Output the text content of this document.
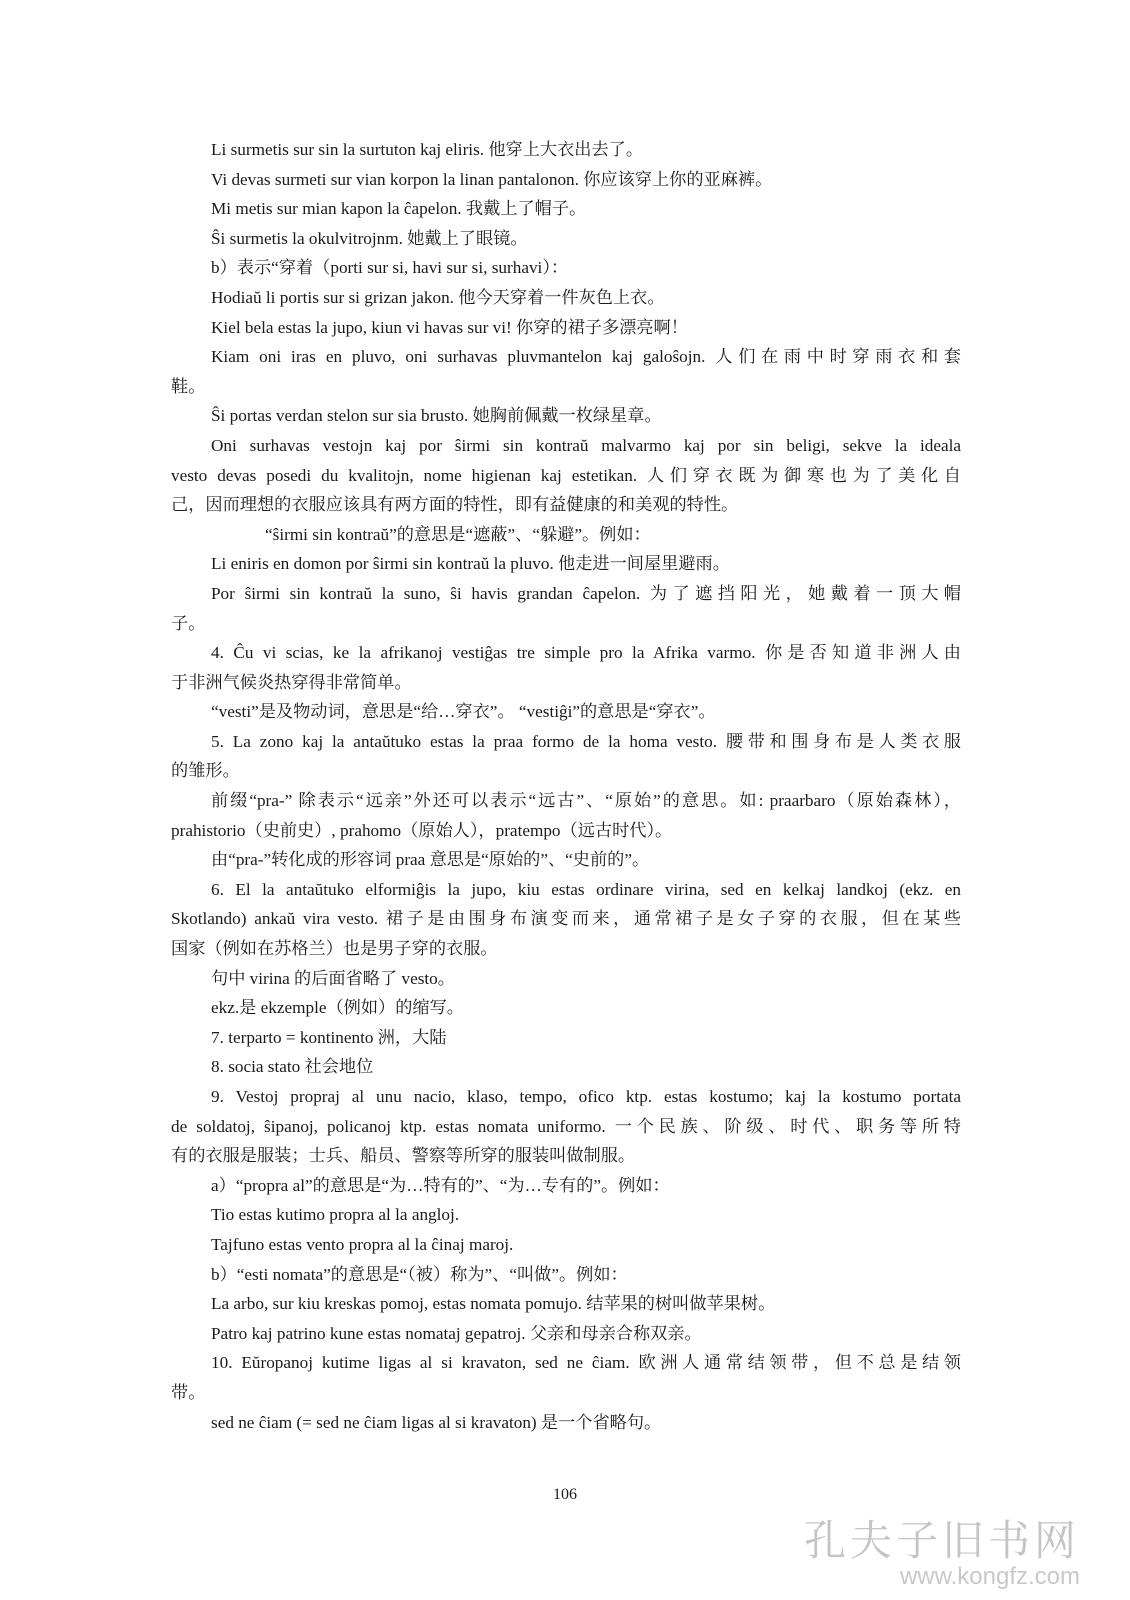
Li surmetis sur sin la surtuton kaj eliris. 他穿上大衣出去了。
Vi devas surmeti sur vian korpon la linan pantalonon. 你应该穿上你的亚麻裤。
Mi metis sur mian kapon la ĉapelon. 我戴上了帽子。
Ŝi surmetis la okulvitrojnm. 她戴上了眼镜。
b）表示“穿着（porti sur si, havi sur si, surhavi）：
Hodiaŭ li portis sur si grizan jakon. 他今天穿着一件灰色上衣。
Kiel bela estas la jupo, kiun vi havas sur vi! 你穿的裙子多漂亮啊！
Kiam oni iras en pluvo, oni surhavas pluvmantelon kaj galoŝojn. 人们在雨中时穿雨衣和套
鞋。
Ŝi portas verdan stelon sur sia brusto. 她胸前佩戴一枚绿星章。
Oni surhavas vestojn kaj por ŝirmi sin kontraŭ malvarmo kaj por sin beligi, sekve la ideala
vesto devas posedi du kvalitojn, nome higienan kaj estetikan. 人们穿衣既为御寒也为了美化自
己，因而理想的衣服应该具有两方面的特性，即有益健康的和美观的特性。
“ŝirmi sin kontraŭ”的意思是“遮蔽”、“躲避”。例如：
Li eniris en domon por ŝirmi sin kontraŭ la pluvo. 他走进一间屋里避雨。
Por ŝirmi sin kontraŭ la suno, ŝi havis grandan ĉapelon. 为了遮挡阳光，她戴着一顶大帽
子。
4. Ĉu vi scias, ke la afrikanoj vestiĝas tre simple pro la Afrika varmo. 你是否知道非洲人由
于非洲气候炎热穿得非常简单。
“vesti”是及物动词，意思是“给…穿衣”。 “vestiĝi”的意思是“穿衣”。
5. La zono kaj la antaŭtuko estas la praa formo de la homa vesto. 腰带和围身布是人类衣服
的雏形。
前缀“pra-” 除表示“远亲”外还可以表示“远古”、“原始”的意思。如: praarbaro（原始森林），
prahistorio（史前史）, prahomo（原始人），pratempo（远古时代）。
由“pra-”转化成的形容词 praa 意思是“原始的”、“史前的”。
6. El la antaŭtuko elformiĝis la jupo, kiu estas ordinare virina, sed en kelkaj landkoj (ekz. en
Skotlando) ankaŭ vira vesto. 裙子是由围身布演变而来，通常裙子是女子穿的衣服，但在某些
国家（例如在苏格兰）也是男子穿的衣服。
句中 virina 的后面省略了 vesto。
ekz.是 ekzemple（例如）的缩写。
7. terparto = kontinento 洲，大陆
8. socia stato 社会地位
9. Vestoj propraj al unu nacio, klaso, tempo, ofico ktp. estas kostumo; kaj la kostumo portata
de soldatoj, ŝipanoj, policanoj ktp. estas nomata uniformo. 一个民族、阶级、时代、职务等所特
有的衣服是服装；士兵、船员、警察等所穿的服装叫做制服。
a）“propra al”的意思是“为…特有的”、“为…专有的”。例如：
Tio estas kutimo propra al la angloj.
Tajfuno estas vento propra al la ĉinaj maroj.
b）“esti nomata”的意思是“（被）称为”、“叫做”。例如：
La arbo, sur kiu kreskas pomoj, estas nomata pomujo. 结苹果的树叫做苹果树。
Patro kaj patrino kune estas nomataj gepatroj. 父亲和母亲合称双亲。
10. Eŭropanoj kutime ligas al si kravaton, sed ne ĉiam. 欧洲人通常结领带，但不总是结领
带。
sed ne ĉiam (= sed ne ĉiam ligas al si kravaton) 是一个省略句。
106
孔夫子旧书网
www.kongfz.com
